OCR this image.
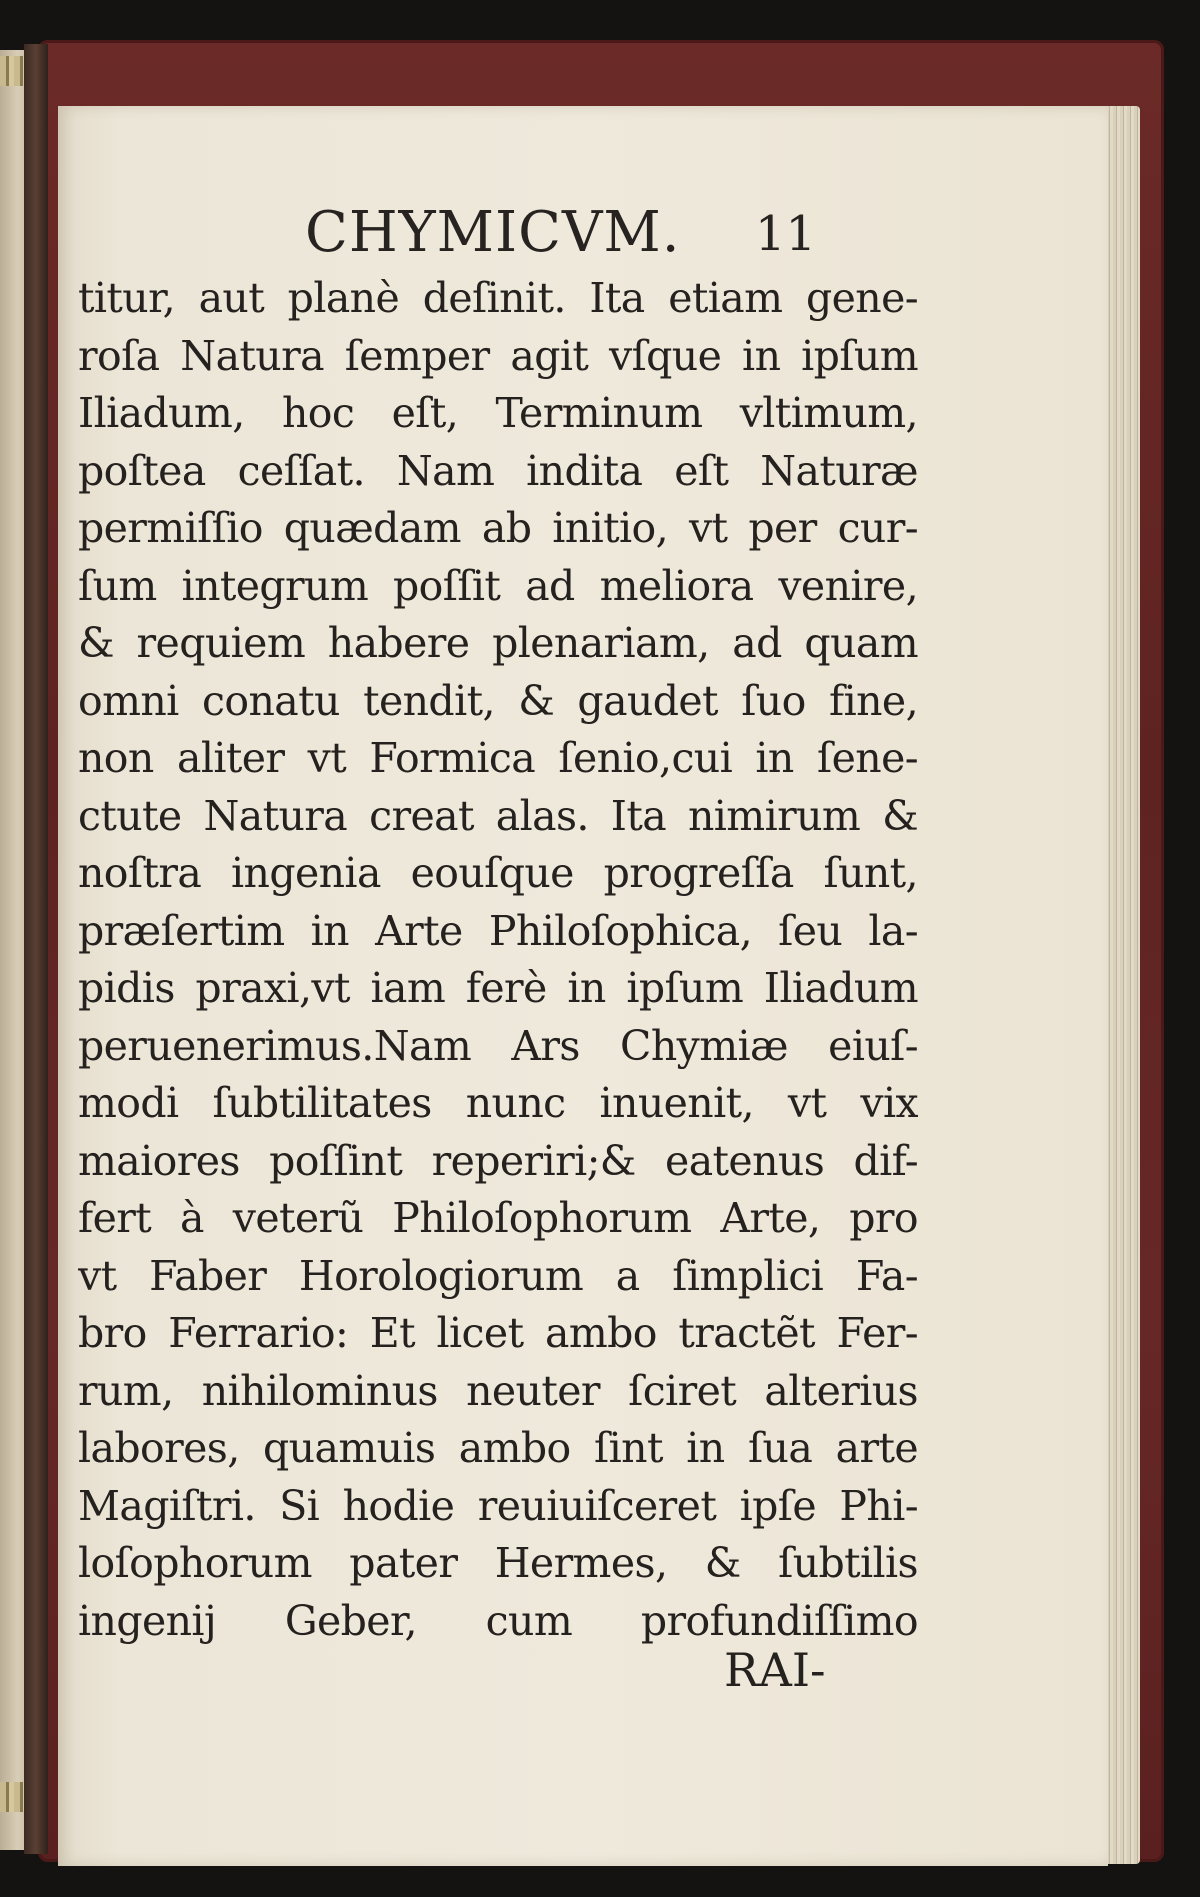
CHYMICVM. 11
titur, aut planè deſinit. Ita etiam gene-
roſa Natura ſemper agit vſque in ipſum
Iliadum, hoc eſt, Terminum vltimum,
poſtea ceſſat. Nam indita eſt Naturæ
permiſſio quædam ab initio, vt per cur-
ſum integrum poſſit ad meliora venire,
& requiem habere plenariam, ad quam
omni conatu tendit, & gaudet ſuo fine,
non aliter vt Formica ſenio,cui in ſene-
ctute Natura creat alas. Ita nimirum &
noſtra ingenia eouſque progreſſa ſunt,
præſertim in Arte Philoſophica, ſeu la-
pidis praxi,vt iam ferè in ipſum Iliadum
peruenerimus.Nam Ars Chymiæ eiuſ-
modi ſubtilitates nunc inuenit, vt vix
maiores poſſint reperiri;& eatenus dif-
fert à veterũ Philoſophorum Arte, pro
vt Faber Horologiorum a ſimplici Fa-
bro Ferrario: Et licet ambo tractẽt Fer-
rum, nihilominus neuter ſciret alterius
labores, quamuis ambo ſint in ſua arte
Magiſtri. Si hodie reuiuiſceret ipſe Phi-
loſophorum pater Hermes, & ſubtilis
ingenij Geber, cum profundiſſimo
RAI-
